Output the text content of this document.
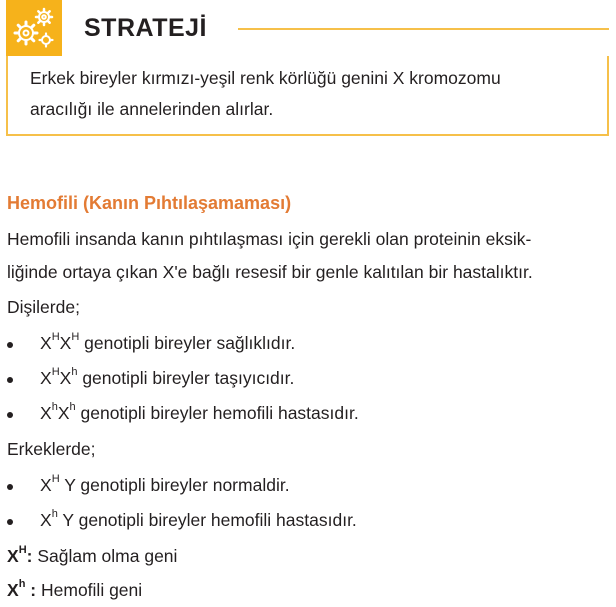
STRATEJİ
Erkek bireyler kırmızı-yeşil renk körlüğü genini X kromozomu
aracılığı ile annelerinden alırlar.
Hemofili (Kanın Pıhtılaşamaması)
Hemofili insanda kanın pıhtılaşması için gerekli olan proteinin eksik-
liğinde ortaya çıkan X'e bağlı resesif bir genle kalıtılan bir hastalıktır.
Dişilerde;
$X^HX^H$ genotipli bireyler sağlıklıdır.
$X^HX^h$ genotipli bireyler taşıyıcıdır.
$X^hX^h$ genotipli bireyler hemofili hastasıdır.
Erkeklerde;
$X^H$ Y genotipli bireyler normaldir.
$X^h$ Y genotipli bireyler hemofili hastasıdır.
$X^H$: Sağlam olma geni
$X^h$ : Hemofili geni
